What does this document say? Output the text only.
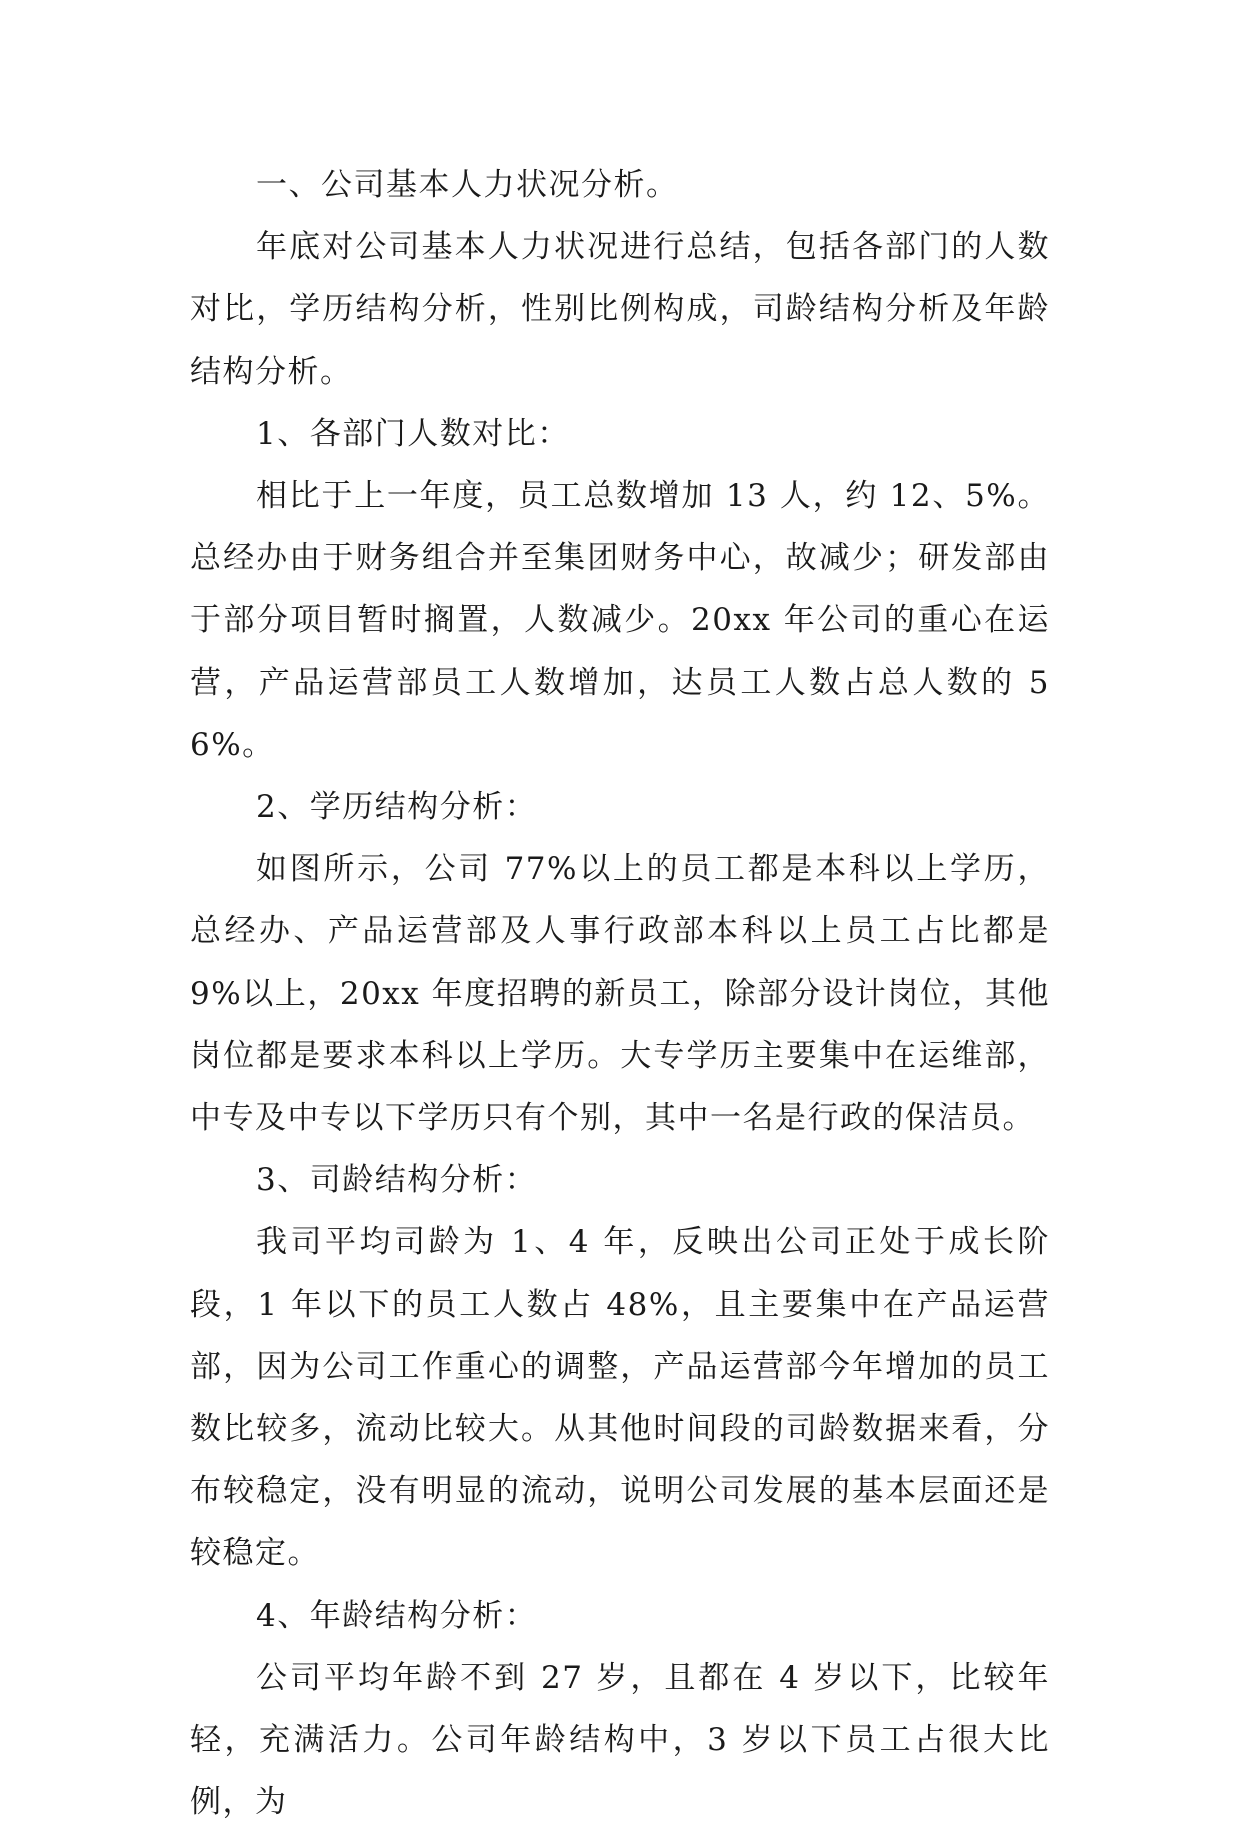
一、公司基本人力状况分析。

年底对公司基本人力状况进行总结，包括各部门的人数对比，学历结构分析，性别比例构成，司龄结构分析及年龄结构分析。

1、各部门人数对比：

相比于上一年度，员工总数增加 13 人，约 12、5%。总经办由于财务组合并至集团财务中心，故减少；研发部由于部分项目暂时搁置，人数减少。20xx 年公司的重心在运营，产品运营部员工人数增加，达员工人数占总人数的 56%。

2、学历结构分析：

如图所示，公司 77%以上的员工都是本科以上学历，总经办、产品运营部及人事行政部本科以上员工占比都是 9%以上，20xx 年度招聘的新员工，除部分设计岗位，其他岗位都是要求本科以上学历。大专学历主要集中在运维部，中专及中专以下学历只有个别，其中一名是行政的保洁员。

3、司龄结构分析：

我司平均司龄为 1、4 年，反映出公司正处于成长阶段，1 年以下的员工人数占 48%，且主要集中在产品运营部，因为公司工作重心的调整，产品运营部今年增加的员工数比较多，流动比较大。从其他时间段的司龄数据来看，分布较稳定，没有明显的流动，说明公司发展的基本层面还是较稳定。

4、年龄结构分析：

公司平均年龄不到 27 岁，且都在 4 岁以下，比较年轻，充满活力。公司年龄结构中，3 岁以下员工占很大比例，为
